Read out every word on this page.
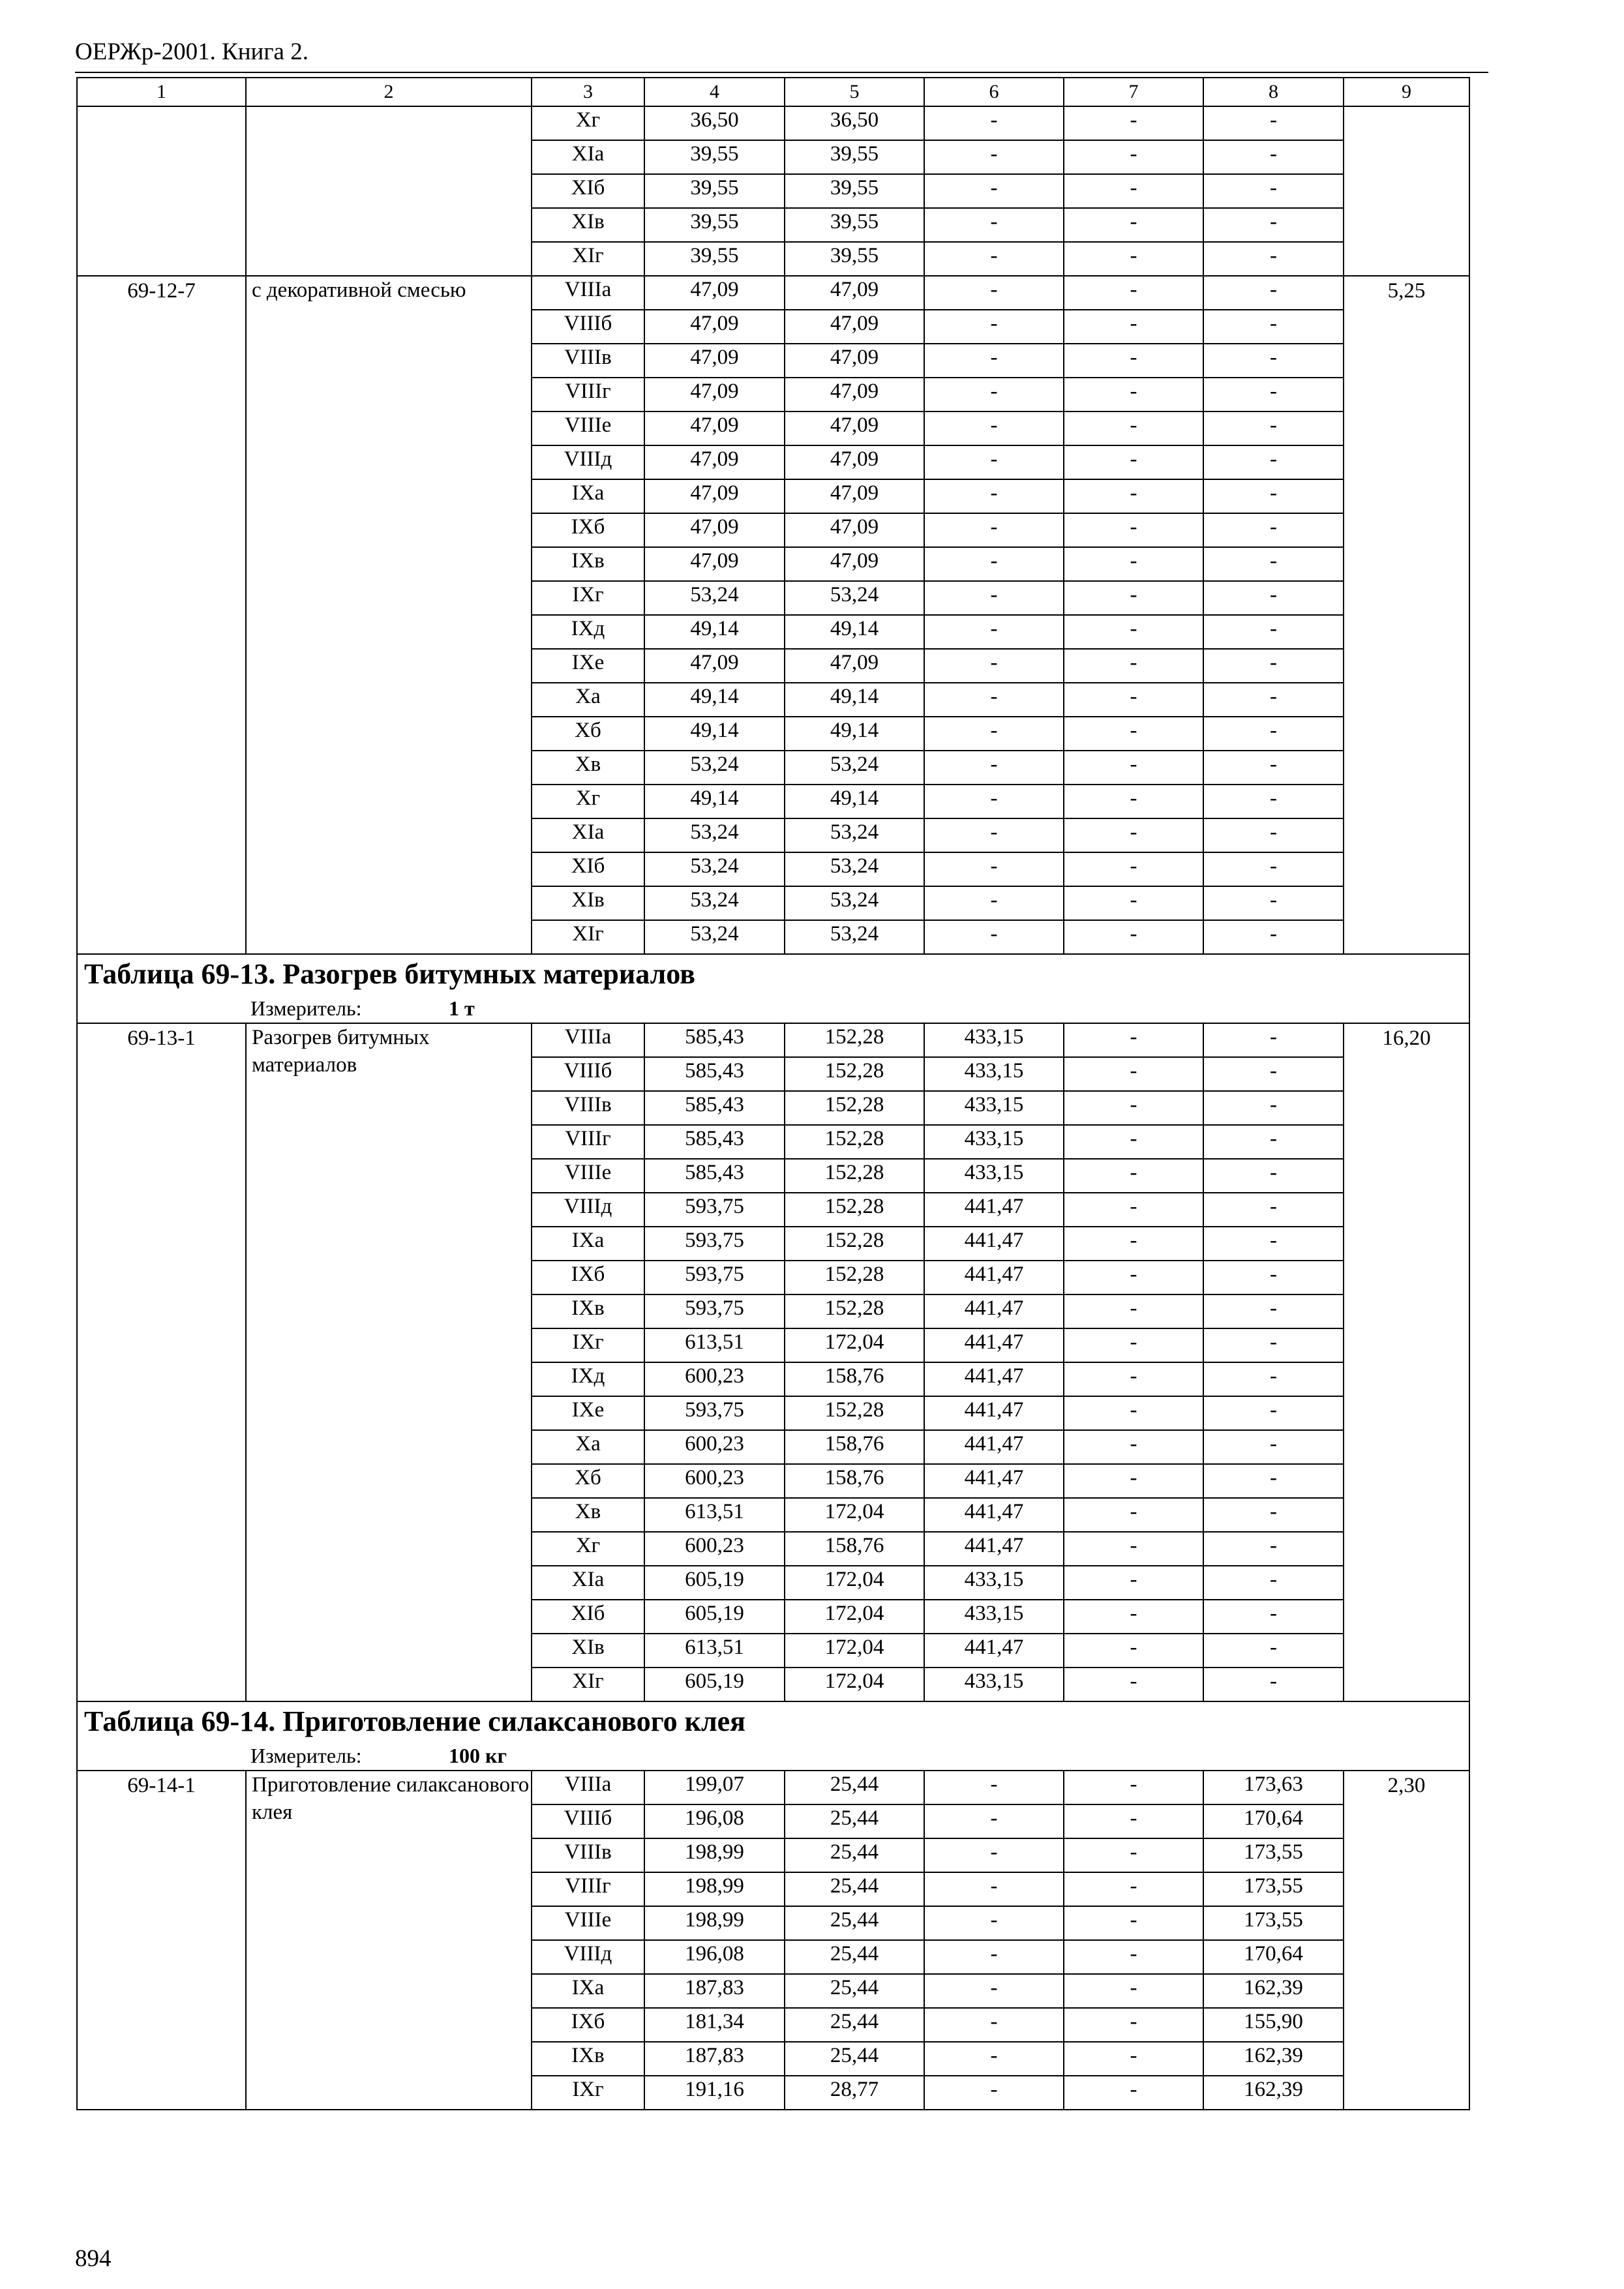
ОЕРЖр-2001. Книга 2.
1	2	3	4	5	6	7	8	9
		Xг	36,50	36,50	-	-	-	
		XIa	39,55	39,55	-	-	-	
		XIб	39,55	39,55	-	-	-	
		XIв	39,55	39,55	-	-	-	
		XIг	39,55	39,55	-	-	-	
69-12-7	с декоративной смесью	VIIIa	47,09	47,09	-	-	-	5,25
		VIIIб	47,09	47,09	-	-	-	
		VIIIв	47,09	47,09	-	-	-	
		VIIIг	47,09	47,09	-	-	-	
		VIIIe	47,09	47,09	-	-	-	
		VIIIд	47,09	47,09	-	-	-	
		IXa	47,09	47,09	-	-	-	
		IXб	47,09	47,09	-	-	-	
		IXв	47,09	47,09	-	-	-	
		IXг	53,24	53,24	-	-	-	
		IXд	49,14	49,14	-	-	-	
		IXe	47,09	47,09	-	-	-	
		Xa	49,14	49,14	-	-	-	
		Xб	49,14	49,14	-	-	-	
		Xв	53,24	53,24	-	-	-	
		Xг	49,14	49,14	-	-	-	
		XIa	53,24	53,24	-	-	-	
		XIб	53,24	53,24	-	-	-	
		XIв	53,24	53,24	-	-	-	
		XIг	53,24	53,24	-	-	-	
Таблица 69-13. Разогрев битумных материалов								
Измеритель: 1 т								
69-13-1	Разогрев битумных материалов	VIIIa	585,43	152,28	433,15	-	-	16,20
		VIIIб	585,43	152,28	433,15	-	-	
		VIIIв	585,43	152,28	433,15	-	-	
		VIIIг	585,43	152,28	433,15	-	-	
		VIIIe	585,43	152,28	433,15	-	-	
		VIIIд	593,75	152,28	441,47	-	-	
		IXa	593,75	152,28	441,47	-	-	
		IXб	593,75	152,28	441,47	-	-	
		IXв	593,75	152,28	441,47	-	-	
		IXг	613,51	172,04	441,47	-	-	
		IXд	600,23	158,76	441,47	-	-	
		IXe	593,75	152,28	441,47	-	-	
		Xa	600,23	158,76	441,47	-	-	
		Xб	600,23	158,76	441,47	-	-	
		Xв	613,51	172,04	441,47	-	-	
		Xг	600,23	158,76	441,47	-	-	
		XIa	605,19	172,04	433,15	-	-	
		XIб	605,19	172,04	433,15	-	-	
		XIв	613,51	172,04	441,47	-	-	
		XIг	605,19	172,04	433,15	-	-	
Таблица 69-14. Приготовление силаксанового клея								
Измеритель: 100 кг								
69-14-1	Приготовление силаксанового клея	VIIIa	199,07	25,44	-	-	173,63	2,30
		VIIIб	196,08	25,44	-	-	170,64	
		VIIIв	198,99	25,44	-	-	173,55	
		VIIIг	198,99	25,44	-	-	173,55	
		VIIIe	198,99	25,44	-	-	173,55	
		VIIIд	196,08	25,44	-	-	170,64	
		IXa	187,83	25,44	-	-	162,39	
		IXб	181,34	25,44	-	-	155,90	
		IXв	187,83	25,44	-	-	162,39	
		IXг	191,16	28,77	-	-	162,39	
894
